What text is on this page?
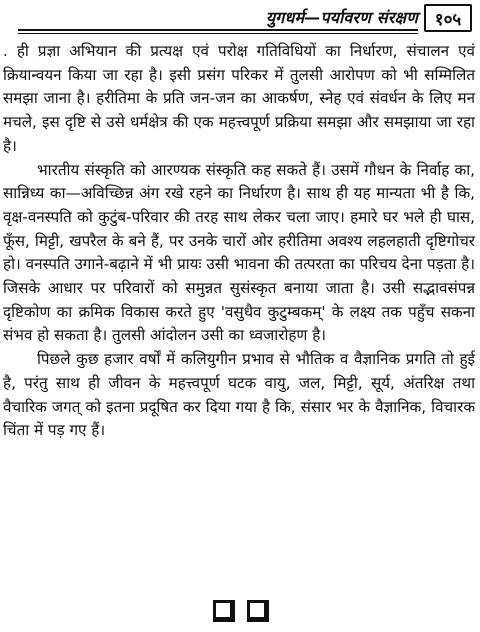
युगधर्म—पर्यावरण संरक्षण १०५

. ही प्रज्ञा अभियान की प्रत्यक्ष एवं परोक्ष गतिविधियों का निर्धारण, संचालन एवं क्रियान्वयन किया जा रहा है। इसी प्रसंग परिकर में तुलसी आरोपण को भी सम्मिलित समझा जाना है। हरीतिमा के प्रति जन-जन का आकर्षण, स्नेह एवं संवर्धन के लिए मन मचले, इस दृष्टि से उसे धर्मक्षेत्र की एक महत्त्वपूर्ण प्रक्रिया समझा और समझाया जा रहा है।

भारतीय संस्कृति को आरण्यक संस्कृति कह सकते हैं। उसमें गौधन के निर्वाह का, सान्निध्य का—अविच्छिन्न अंग रखे रहने का निर्धारण है। साथ ही यह मान्यता भी है कि, वृक्ष-वनस्पति को कुटुंब-परिवार की तरह साथ लेकर चला जाए। हमारे घर भले ही घास, फूँस, मिट्टी, खपरैल के बने हैं, पर उनके चारों ओर हरीतिमा अवश्य लहलहाती दृष्टिगोचर हो। वनस्पति उगाने-बढ़ाने में भी प्रायः उसी भावना की तत्परता का परिचय देना पड़ता है। जिसके आधार पर परिवारों को समुन्नत सुसंस्कृत बनाया जाता है। उसी सद्भावसंपन्न दृष्टिकोण का क्रमिक विकास करते हुए 'वसुधैव कुटुम्बकम्' के लक्ष्य तक पहुँच सकना संभव हो सकता है। तुलसी आंदोलन उसी का ध्वजारोहण है।

पिछले कुछ हजार वर्षों में कलियुगीन प्रभाव से भौतिक व वैज्ञानिक प्रगति तो हुई है, परंतु साथ ही जीवन के महत्त्वपूर्ण घटक वायु, जल, मिट्टी, सूर्य, अंतरिक्ष तथा वैचारिक जगत् को इतना प्रदूषित कर दिया गया है कि, संसार भर के वैज्ञानिक, विचारक चिंता में पड़ गए हैं।
